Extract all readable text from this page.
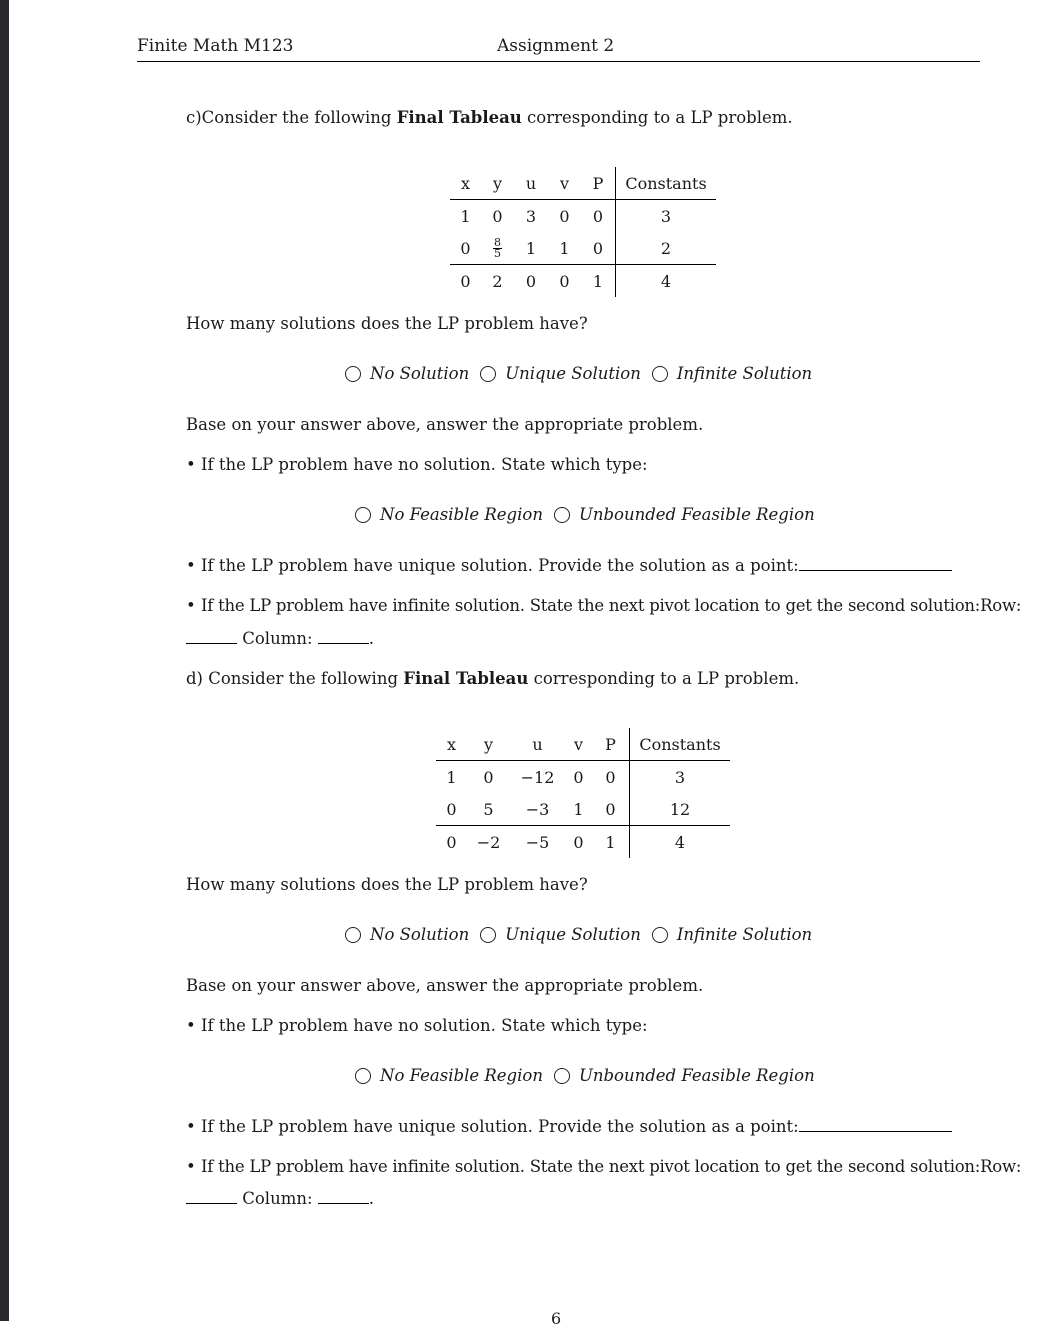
Finite Math M123	Assignment 2
c)Consider the following Final Tableau corresponding to a LP problem.
x	y	u	v	P	Constants
1	0	3	0	0	3
0	$\frac{8}{5}$	1	1	0	2
0	2	0	0	1	4
How many solutions does the LP problem have?
No Solution Unique Solution Infinite Solution
Base on your answer above, answer the appropriate problem.
• If the LP problem have no solution. State which type:
No Feasible Region Unbounded Feasible Region
• If the LP problem have unique solution. Provide the solution as a point:
• If the LP problem have infinite solution. State the next pivot location to get the second solution:Row:
Column:	.
d) Consider the following Final Tableau corresponding to a LP problem.
x	y	u	v	P	Constants
1	0	−12	0	0	3
0	5	−3	1	0	12
0	−2	−5	0	1	4
How many solutions does the LP problem have?
No Solution Unique Solution Infinite Solution
Base on your answer above, answer the appropriate problem.
• If the LP problem have no solution. State which type:
No Feasible Region Unbounded Feasible Region
• If the LP problem have unique solution. Provide the solution as a point:
• If the LP problem have infinite solution. State the next pivot location to get the second solution:Row:
Column:	.
6
